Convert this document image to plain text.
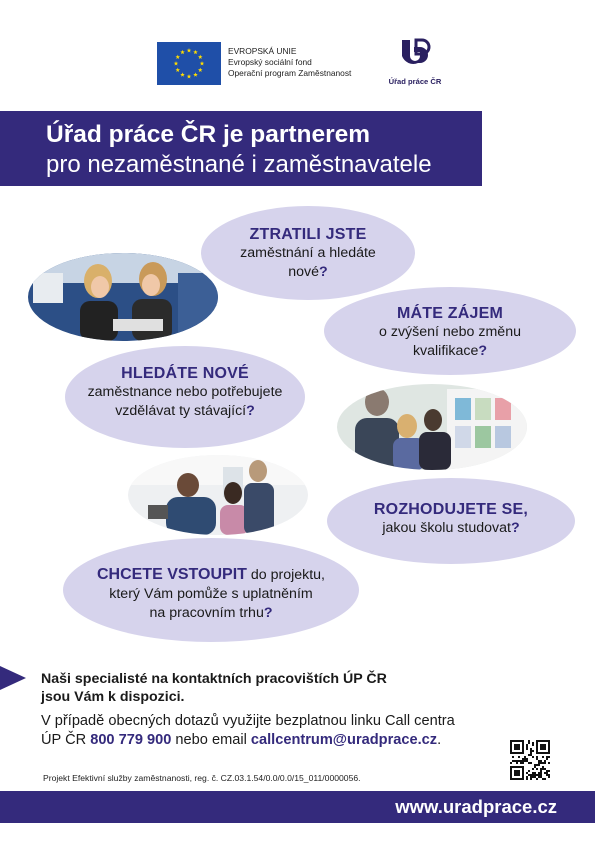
EVROPSKÁ UNIE
Evropský sociální fond
Operační program Zaměstnanost
Úřad práce ČR
Úřad práce ČR je partnerem
pro nezaměstnané i zaměstnavatele
ZTRATILI JSTE
zaměstnání a hledáte
nové?
MÁTE ZÁJEM
o zvýšení nebo změnu
kvalifikace?
HLEDÁTE NOVÉ
zaměstnance nebo potřebujete
vzdělávat ty stávající?
ROZHODUJETE SE,
jakou školu studovat?
CHCETE VSTOUPIT do projektu,
který Vám pomůže s uplatněním
na pracovním trhu?
Naši specialisté na kontaktních pracovištích ÚP ČR
jsou Vám k dispozici.
V případě obecných dotazů využijte bezplatnou linku Call centra
ÚP ČR 800 779 900 nebo email callcentrum@uradprace.cz.
Projekt Efektivní služby zaměstnanosti, reg. č. CZ.03.1.54/0.0/0.0/15_011/0000056.
www.uradprace.cz
